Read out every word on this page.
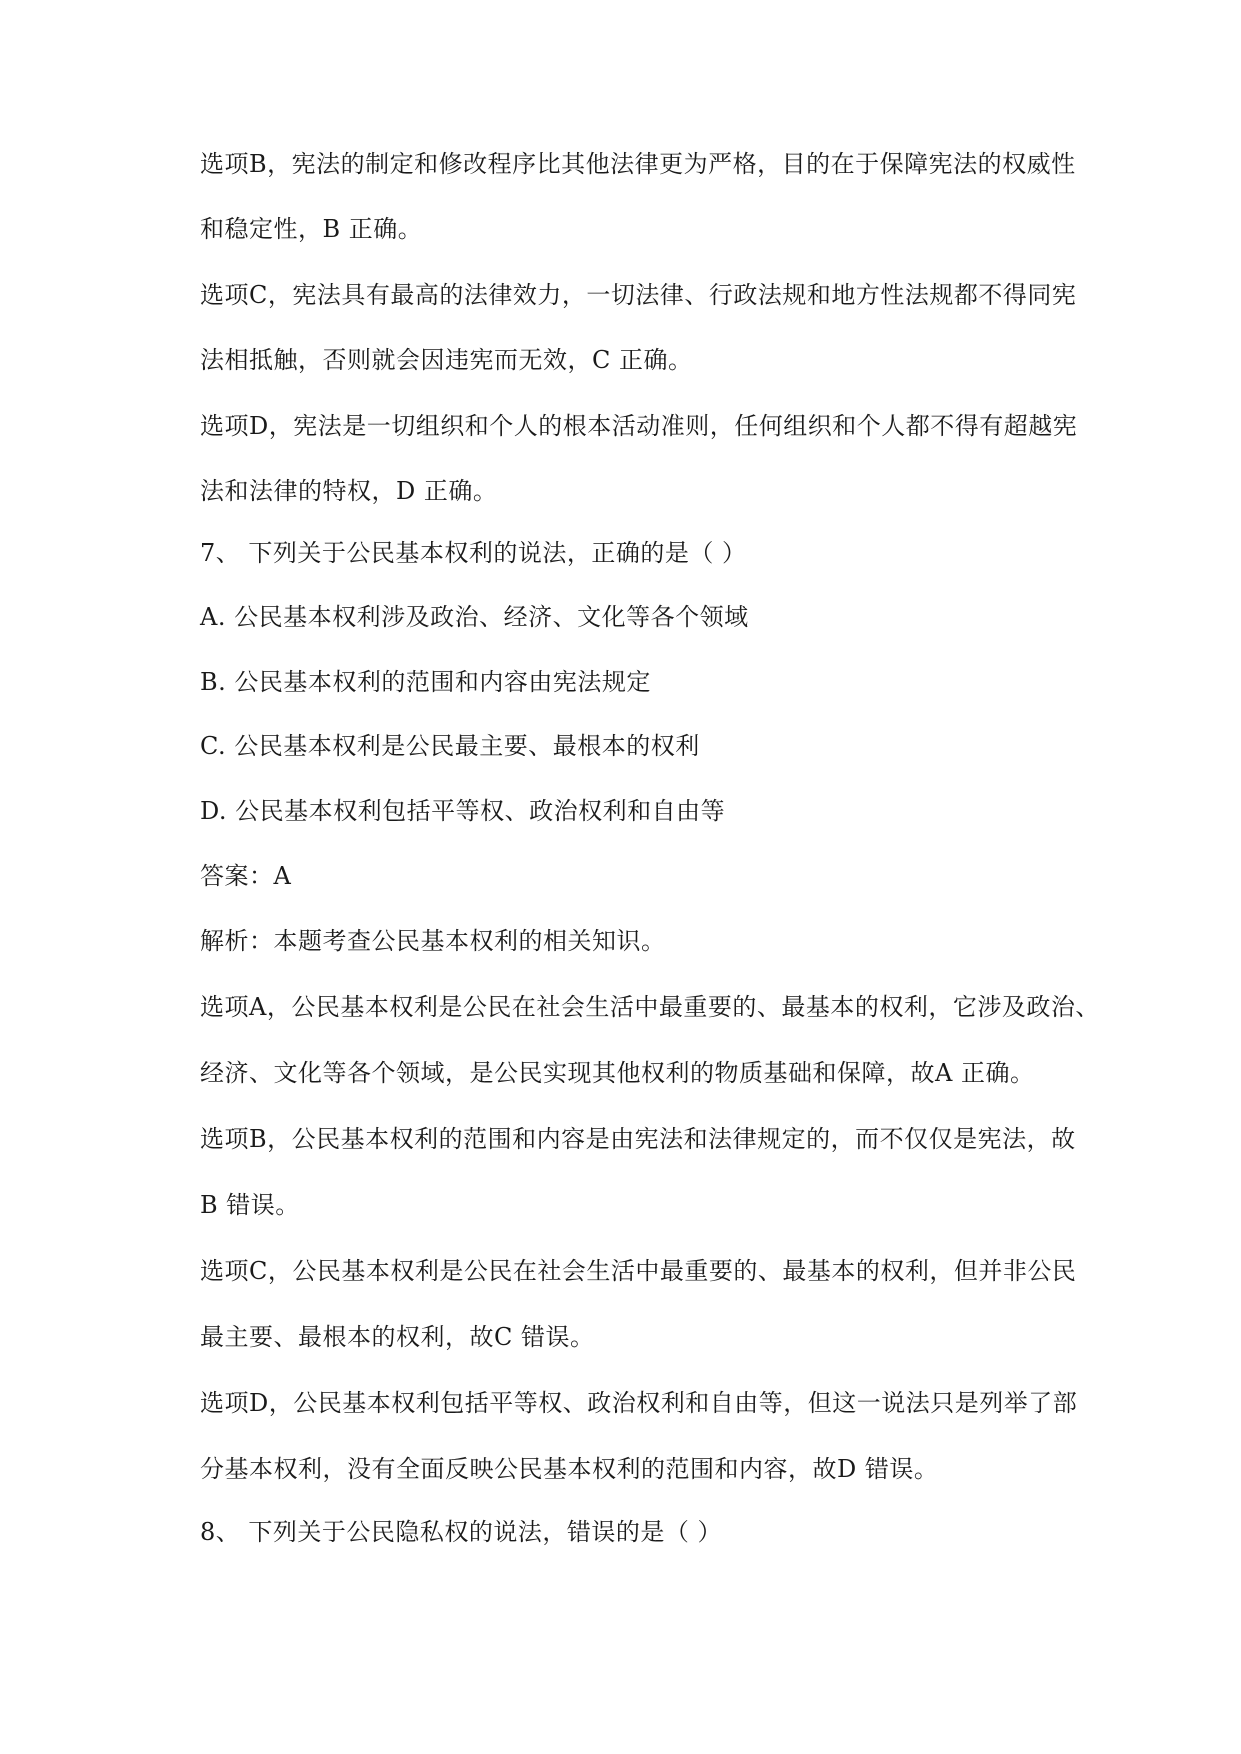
选项B，宪法的制定和修改程序比其他法律更为严格，目的在于保障宪法的权威性
和稳定性，B 正确。
选项C，宪法具有最高的法律效力，一切法律、行政法规和地方性法规都不得同宪
法相抵触，否则就会因违宪而无效，C 正确。
选项D，宪法是一切组织和个人的根本活动准则，任何组织和个人都不得有超越宪
法和法律的特权，D 正确。
7、 下列关于公民基本权利的说法，正确的是（ ）
A. 公民基本权利涉及政治、经济、文化等各个领域
B. 公民基本权利的范围和内容由宪法规定
C. 公民基本权利是公民最主要、最根本的权利
D. 公民基本权利包括平等权、政治权利和自由等
答案：A
解析：本题考查公民基本权利的相关知识。
选项A，公民基本权利是公民在社会生活中最重要的、最基本的权利，它涉及政治、
经济、文化等各个领域，是公民实现其他权利的物质基础和保障，故A 正确。
选项B，公民基本权利的范围和内容是由宪法和法律规定的，而不仅仅是宪法，故
B 错误。
选项C，公民基本权利是公民在社会生活中最重要的、最基本的权利，但并非公民
最主要、最根本的权利，故C 错误。
选项D，公民基本权利包括平等权、政治权利和自由等，但这一说法只是列举了部
分基本权利，没有全面反映公民基本权利的范围和内容，故D 错误。
8、 下列关于公民隐私权的说法，错误的是（ ）
